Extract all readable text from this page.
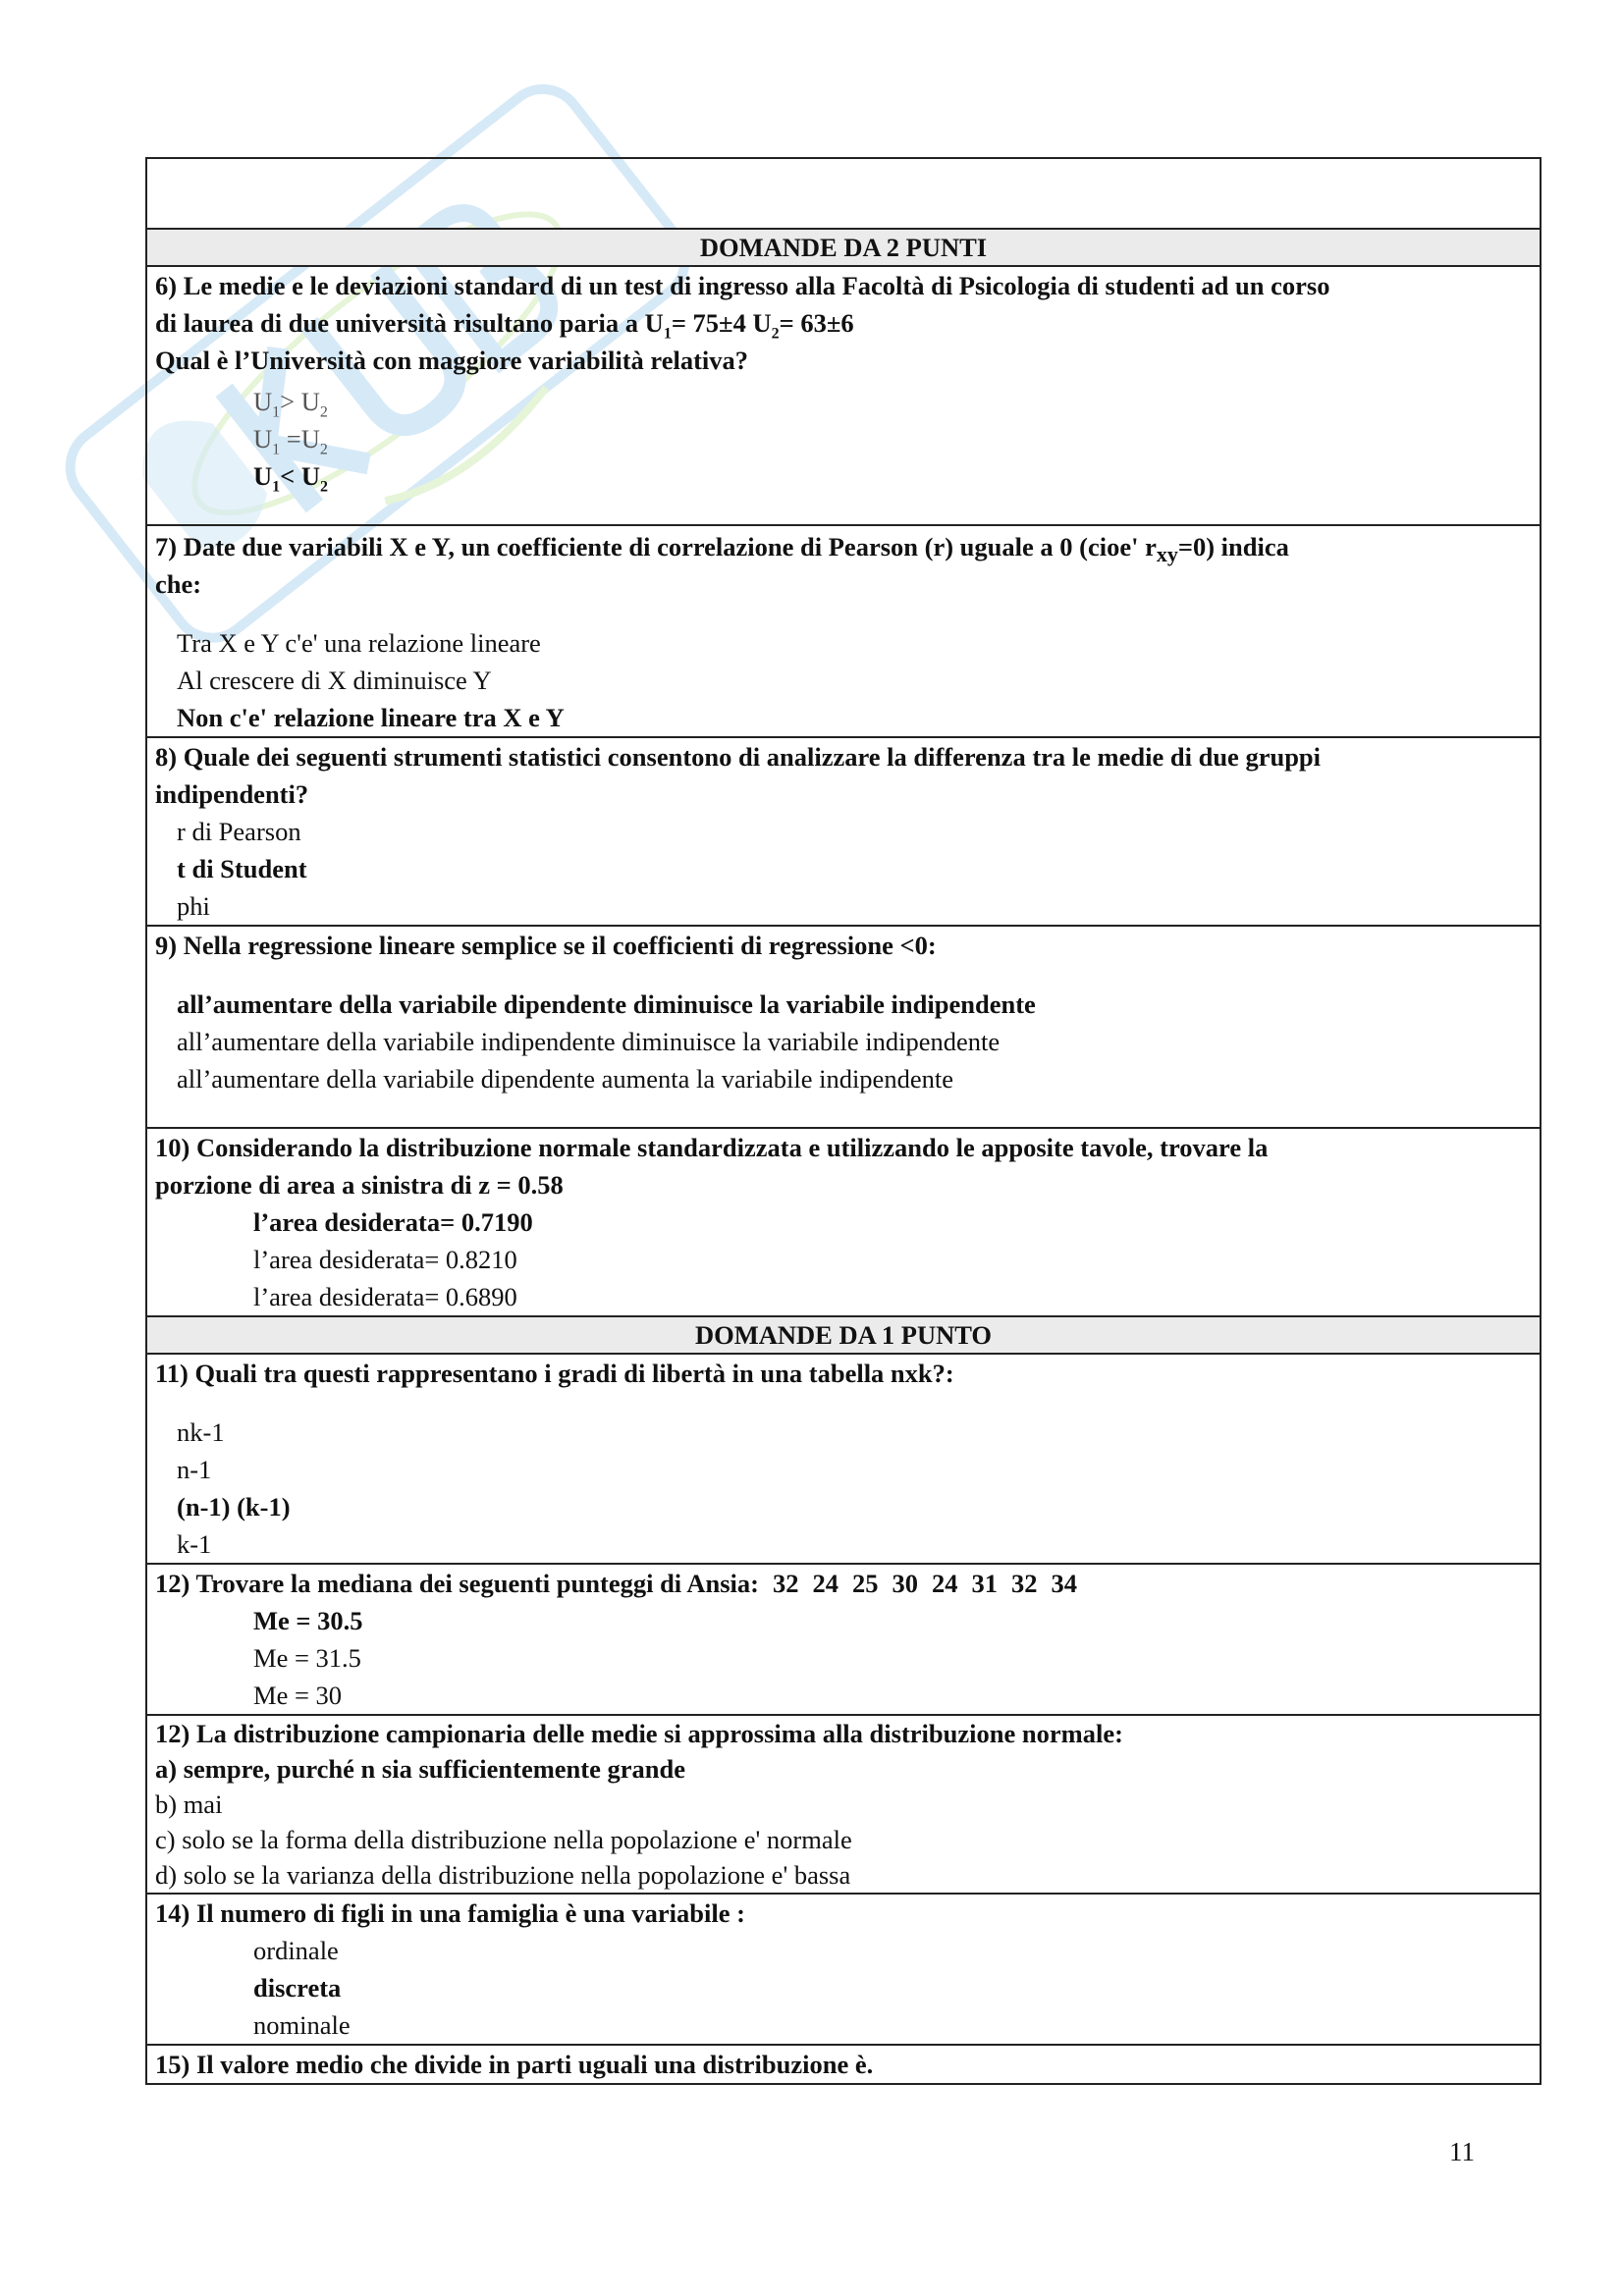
DOMANDE DA 2 PUNTI

6) Le medie e le deviazioni standard di un test di ingresso alla Facoltà di Psicologia di studenti ad un corso
di laurea di due università risultano paria a $U_1= 75\pm 4$ $U_2= 63\pm 6$
Qual è l’Università con maggiore variabilità relativa?
$U_1> U_2$
$U_1 =U_2$
$U_1< U_2$

7) Date due variabili X e Y, un coefficiente di correlazione di Pearson (r) uguale a 0 (cioe' $r_{xy}=0$) indica
che:
Tra X e Y c'e' una relazione lineare
Al crescere di X diminuisce Y
Non c'e' relazione lineare tra X e Y

8) Quale dei seguenti strumenti statistici consentono di analizzare la differenza tra le medie di due gruppi
indipendenti?
r di Pearson
t di Student
phi

9) Nella regressione lineare semplice se il coefficienti di regressione <0:
all’aumentare della variabile dipendente diminuisce la variabile indipendente
all’aumentare della variabile indipendente diminuisce la variabile indipendente
all’aumentare della variabile dipendente aumenta la variabile indipendente

10) Considerando la distribuzione normale standardizzata e utilizzando le apposite tavole, trovare la
porzione di area a sinistra di z = 0.58
l’area desiderata= 0.7190
l’area desiderata= 0.8210
l’area desiderata= 0.6890

DOMANDE DA 1 PUNTO

11) Quali tra questi rappresentano i gradi di libertà in una tabella nxk?:
nk-1
n-1
(n-1) (k-1)
k-1

12) Trovare la mediana dei seguenti punteggi di Ansia: 32 24 25 30 24 31 32 34
Me = 30.5
Me = 31.5
Me = 30

12) La distribuzione campionaria delle medie si approssima alla distribuzione normale:
a) sempre, purché n sia sufficientemente grande
b) mai
c) solo se la forma della distribuzione nella popolazione e' normale
d) solo se la varianza della distribuzione nella popolazione e' bassa

14) Il numero di figli in una famiglia è una variabile :
ordinale
discreta
nominale

15) Il valore medio che divide in parti uguali una distribuzione è.
11
